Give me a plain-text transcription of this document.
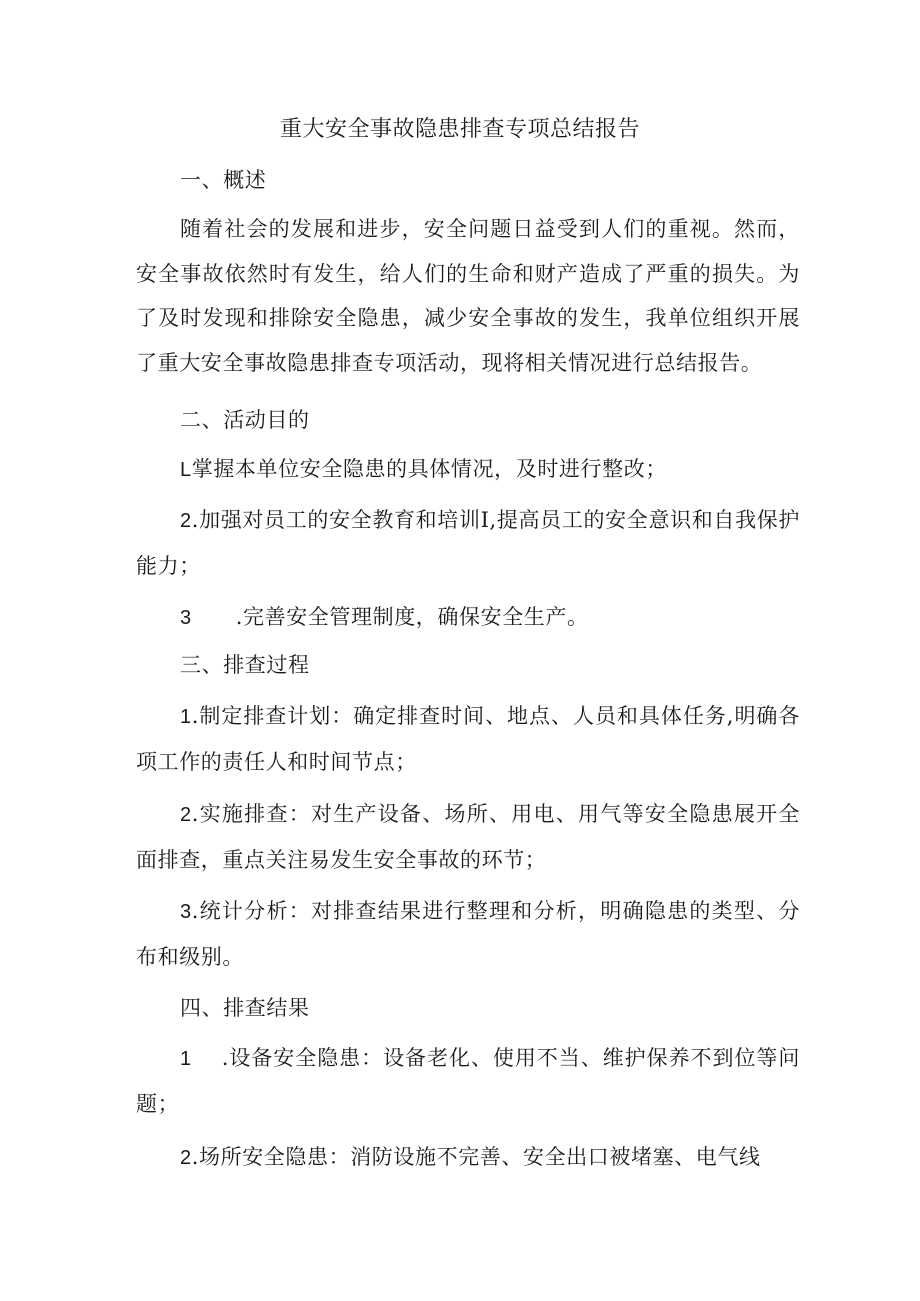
重大安全事故隐患排查专项总结报告
一、概述
随着社会的发展和进步，安全问题日益受到人们的重视。然而，安全事故依然时有发生，给人们的生命和财产造成了严重的损失。为了及时发现和排除安全隐患，减少安全事故的发生，我单位组织开展了重大安全事故隐患排查专项活动，现将相关情况进行总结报告。
二、活动目的
L掌握本单位安全隐患的具体情况，及时进行整改；
2.加强对员工的安全教育和培训I,提高员工的安全意识和自我保护能力；
3 .完善安全管理制度，确保安全生产。
三、排查过程
1.制定排查计划：确定排查时间、地点、人员和具体任务,明确各项工作的责任人和时间节点；
2.实施排查：对生产设备、场所、用电、用气等安全隐患展开全面排查，重点关注易发生安全事故的环节；
3.统计分析：对排查结果进行整理和分析，明确隐患的类型、分布和级别。
四、排查结果
1 .设备安全隐患：设备老化、使用不当、维护保养不到位等问题；
2.场所安全隐患：消防设施不完善、安全出口被堵塞、电气线
